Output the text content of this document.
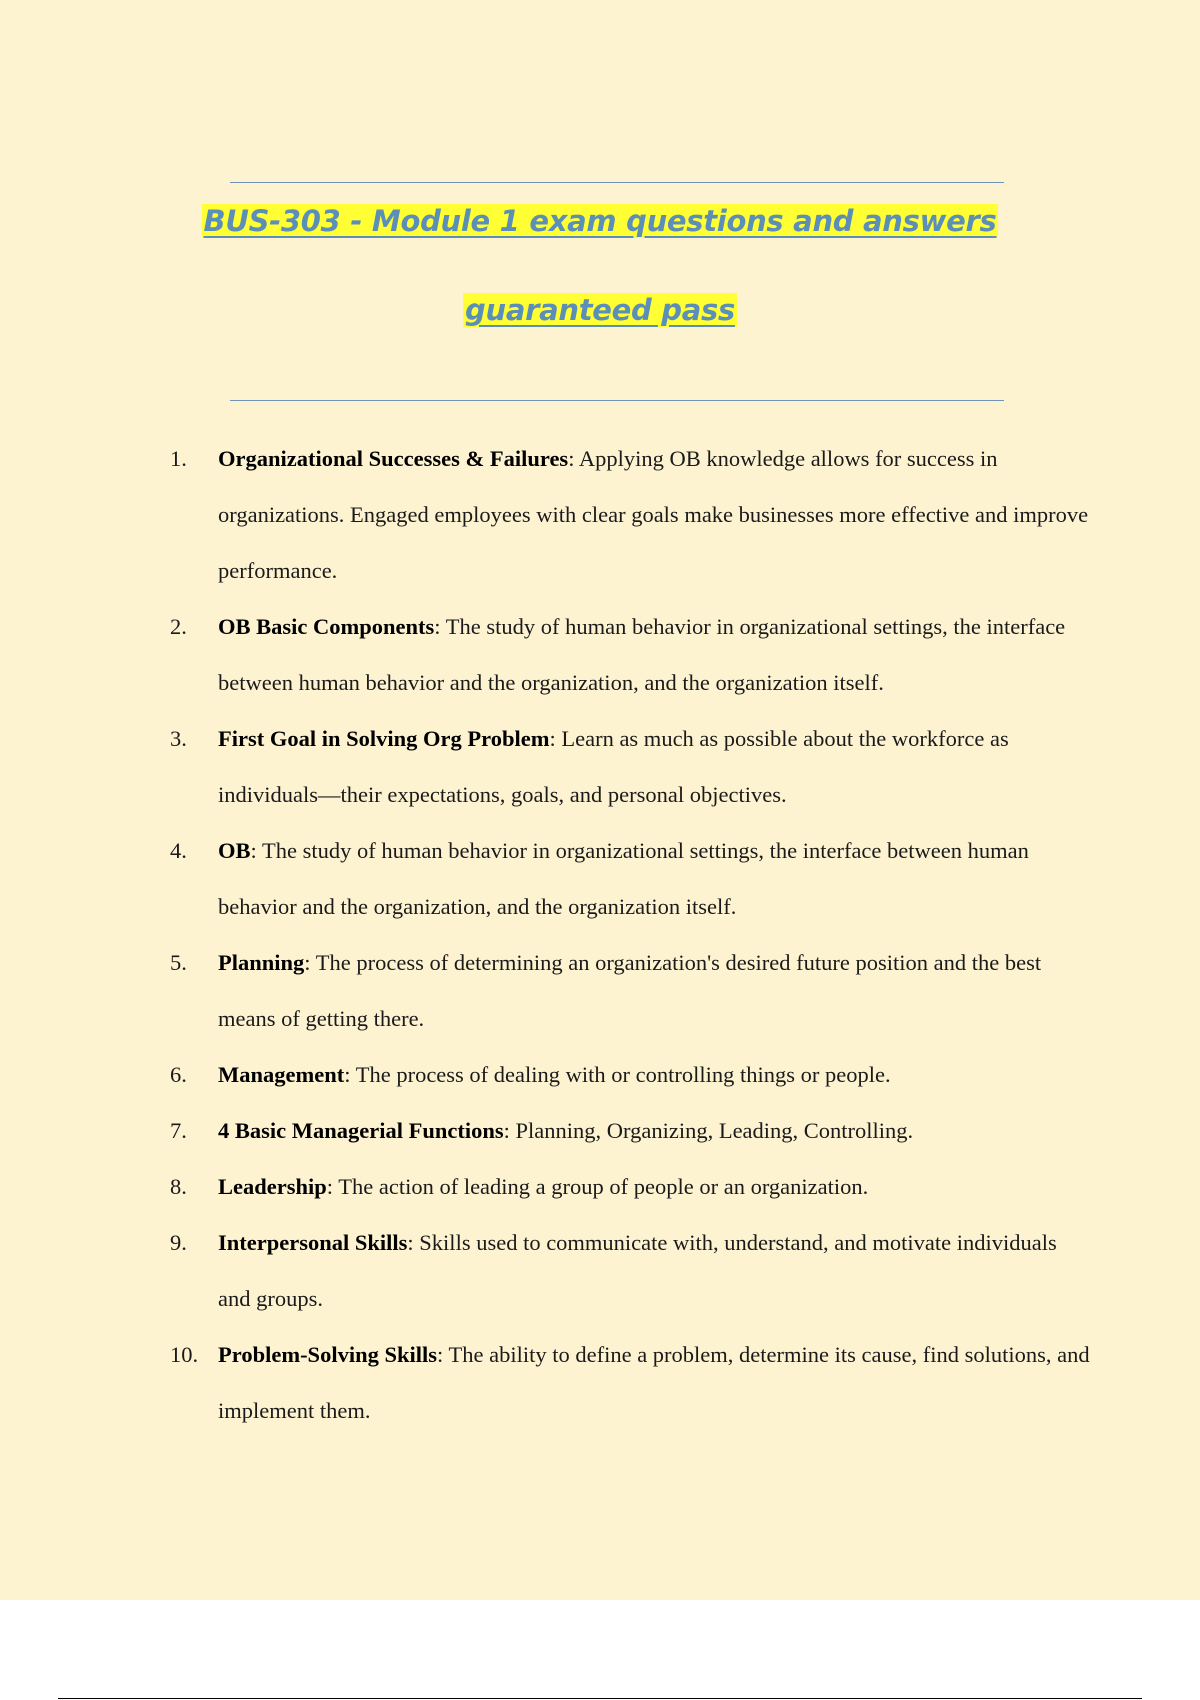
BUS-303 - Module 1 exam questions and answers
guaranteed pass
1.	Organizational Successes & Failures: Applying OB knowledge allows for success in organizations. Engaged employees with clear goals make businesses more effective and improve performance.
2.	OB Basic Components: The study of human behavior in organizational settings, the interface between human behavior and the organization, and the organization itself.
3.	First Goal in Solving Org Problem: Learn as much as possible about the workforce as individuals—their expectations, goals, and personal objectives.
4.	OB: The study of human behavior in organizational settings, the interface between human behavior and the organization, and the organization itself.
5.	Planning: The process of determining an organization's desired future position and the best means of getting there.
6.	Management: The process of dealing with or controlling things or people.
7.	4 Basic Managerial Functions: Planning, Organizing, Leading, Controlling.
8.	Leadership: The action of leading a group of people or an organization.
9.	Interpersonal Skills: Skills used to communicate with, understand, and motivate individuals and groups.
10. Problem-Solving Skills: The ability to define a problem, determine its cause, find solutions, and implement them.
